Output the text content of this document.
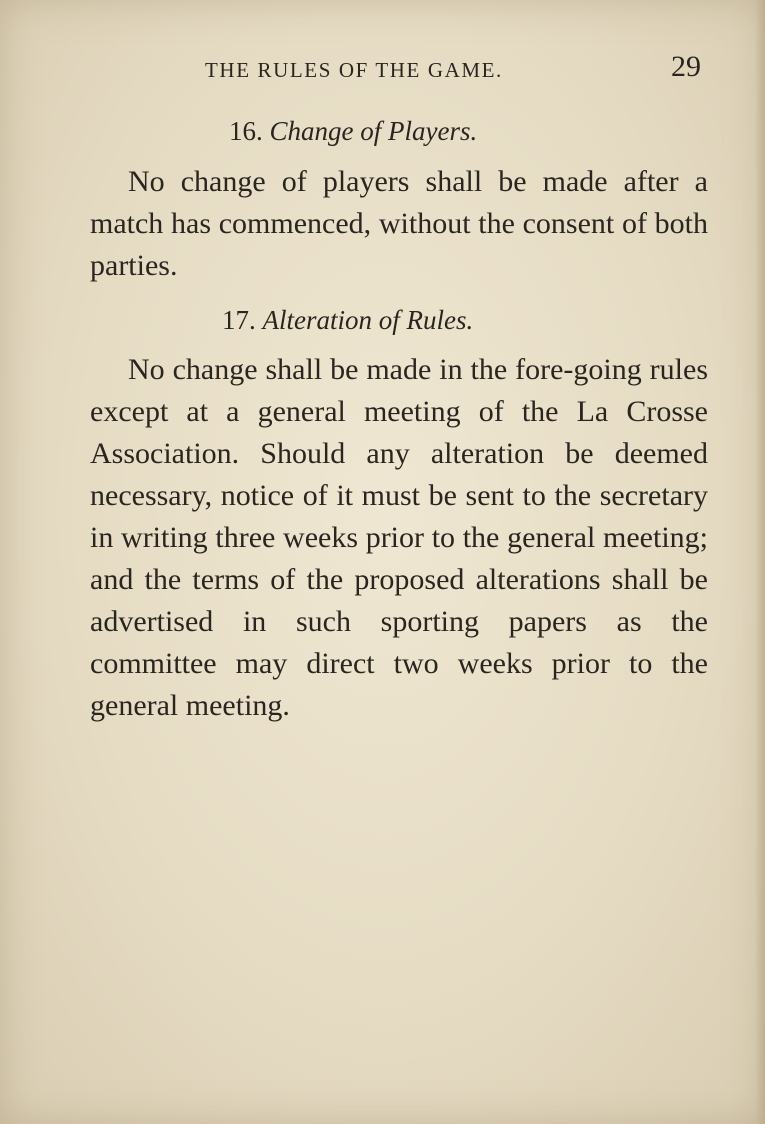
THE RULES OF THE GAME.	29
16. Change of Players.

No change of players shall be made after a match has commenced, without the consent of both parties.

17. Alteration of Rules.

No change shall be made in the fore-going rules except at a general meeting of the La Crosse Association. Should any alteration be deemed necessary, notice of it must be sent to the secretary in writing three weeks prior to the general meeting; and the terms of the proposed alterations shall be advertised in such sporting papers as the committee may direct two weeks prior to the general meeting.
